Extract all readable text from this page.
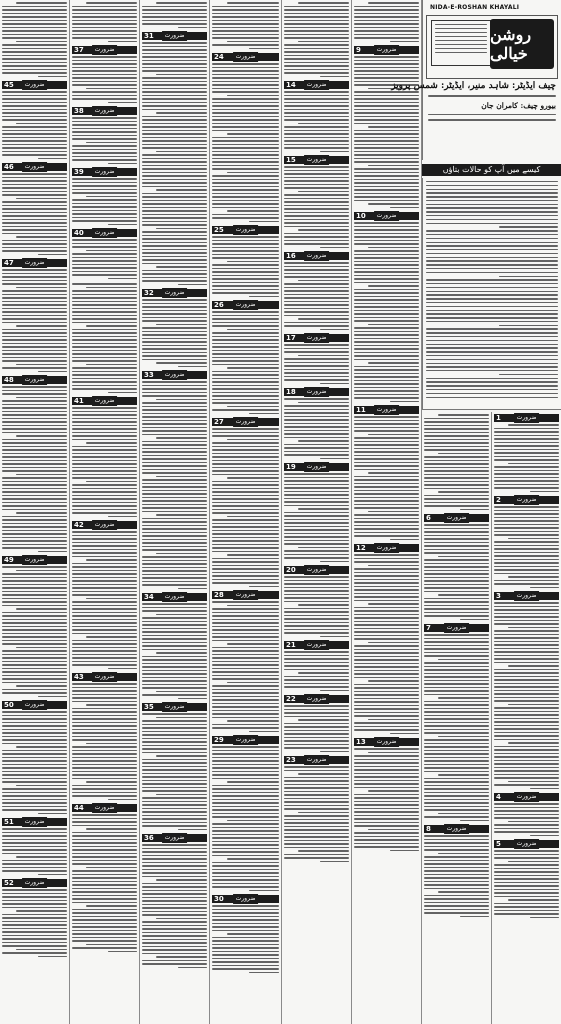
45	ضرورت
46	ضرورت
47	ضرورت
48	ضرورت
49	ضرورت
50	ضرورت
51	ضرورت
52	ضرورت
37	ضرورت
38	ضرورت
39	ضرورت
40	ضرورت
41	ضرورت
42	ضرورت
43	ضرورت
44	ضرورت
31	ضرورت
32	ضرورت
33	ضرورت
34	ضرورت
35	ضرورت
36	ضرورت
24	ضرورت
25	ضرورت
26	ضرورت
27	ضرورت
28	ضرورت
29	ضرورت
30	ضرورت
14	ضرورت
15	ضرورت
16	ضرورت
17	ضرورت
18	ضرورت
19	ضرورت
20	ضرورت
21	ضرورت
22	ضرورت
23	ضرورت
9	ضرورت
10	ضرورت
11	ضرورت
12	ضرورت
13	ضرورت
NIDA-E-ROSHAN KHAYALI
روشن خیالی
چیف ایڈیٹر: شاہد منیر، ایڈیٹر: شمس پرویز
بیورو چیف: کامران جان
کیسے میں آپ کو حالات بتاؤں
6	ضرورت
7	ضرورت
8	ضرورت
1	ضرورت
2	ضرورت
3	ضرورت
4	ضرورت
5	ضرورت
